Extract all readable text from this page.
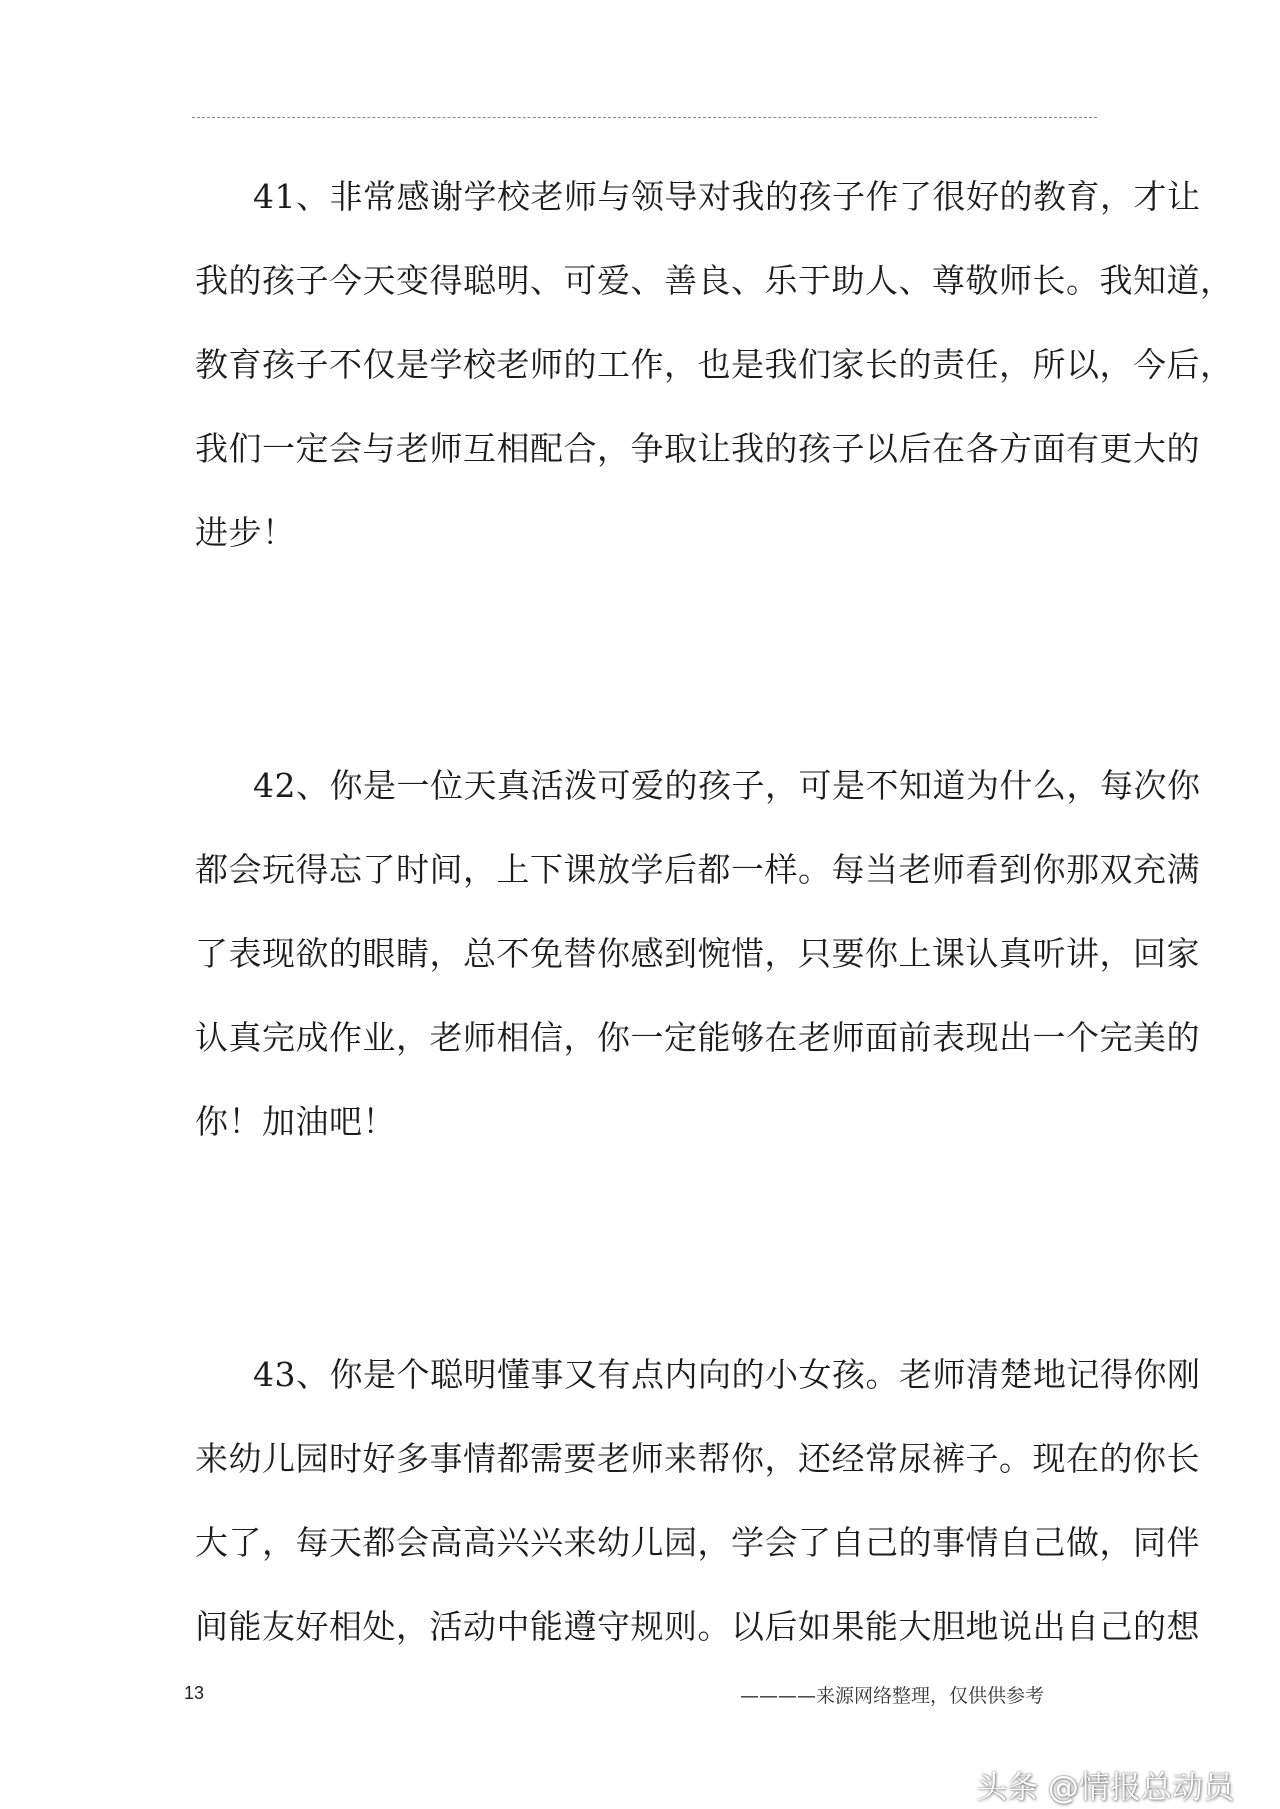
41、非常感谢学校老师与领导对我的孩子作了很好的教育，才让
我的孩子今天变得聪明、可爱、善良、乐于助人、尊敬师长。我知道，
教育孩子不仅是学校老师的工作，也是我们家长的责任，所以，今后，
我们一定会与老师互相配合，争取让我的孩子以后在各方面有更大的
进步！
42、你是一位天真活泼可爱的孩子，可是不知道为什么，每次你
都会玩得忘了时间，上下课放学后都一样。每当老师看到你那双充满
了表现欲的眼睛，总不免替你感到惋惜，只要你上课认真听讲，回家
认真完成作业，老师相信，你一定能够在老师面前表现出一个完美的
你！加油吧！
43、你是个聪明懂事又有点内向的小女孩。老师清楚地记得你刚
来幼儿园时好多事情都需要老师来帮你，还经常尿裤子。现在的你长
大了，每天都会高高兴兴来幼儿园，学会了自己的事情自己做，同伴
间能友好相处，活动中能遵守规则。以后如果能大胆地说出自己的想
13	————来源网络整理，仅供供参考
头条 @情报总动员
